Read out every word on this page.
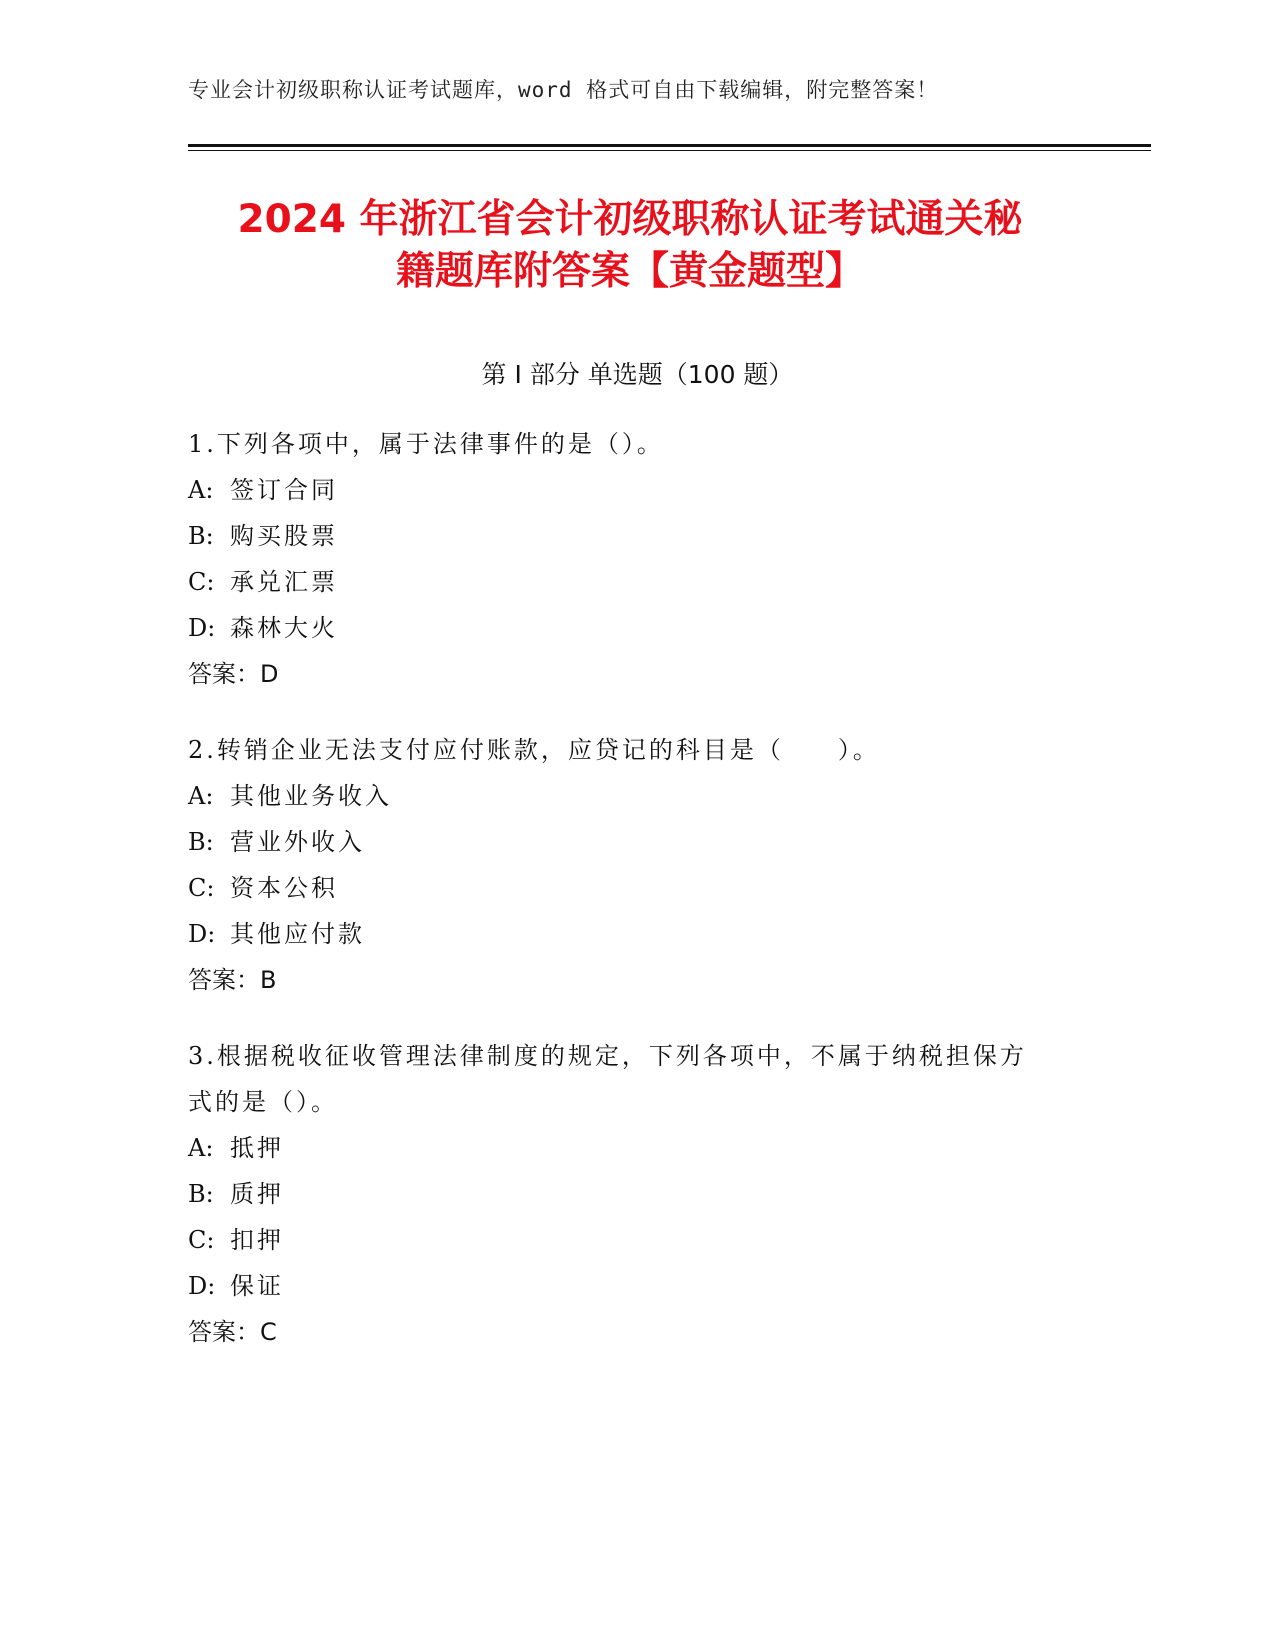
专业会计初级职称认证考试题库，word 格式可自由下载编辑，附完整答案！
2024 年浙江省会计初级职称认证考试通关秘
籍题库附答案【黄金题型】
第 I 部分 单选题（100 题）

1.下列各项中，属于法律事件的是（）。

A: 签订合同

B: 购买股票

C: 承兑汇票

D: 森林大火

答案：D

2.转销企业无法支付应付账款，应贷记的科目是（　　）。

A: 其他业务收入

B: 营业外收入

C: 资本公积

D: 其他应付款

答案：B

3.根据税收征收管理法律制度的规定，下列各项中，不属于纳税担保方式的是（）。

A: 抵押

B: 质押

C: 扣押

D: 保证

答案：C
